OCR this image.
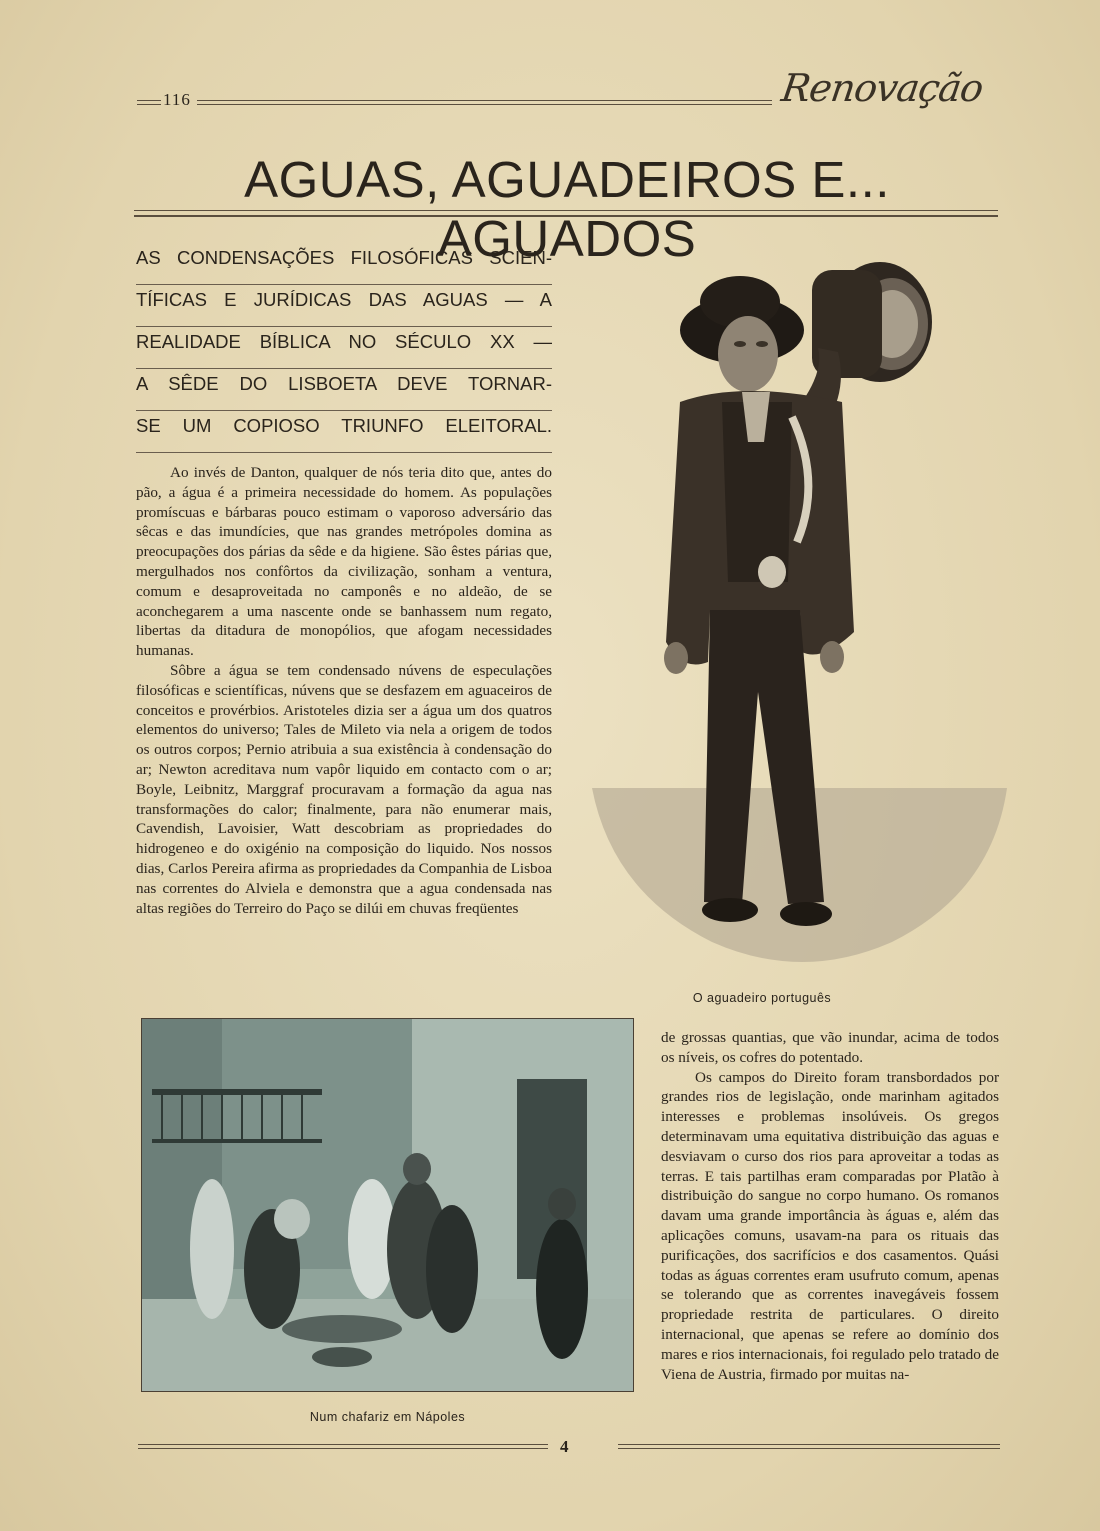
116	Renovação
AGUAS, AGUADEIROS E... AGUADOS
AS CONDENSAÇÕES FILOSÓFICAS SCIEN-
TÍFICAS E JURÍDICAS DAS AGUAS — A
REALIDADE BÍBLICA NO SÉCULO XX —
A SÊDE DO LISBOETA DEVE TORNAR-
SE UM COPIOSO TRIUNFO ELEITORAL.

Ao invés de Danton, qualquer de nós teria dito que, antes do pão, a água é a primeira necessidade do homem. As populações promíscuas e bárbaras pouco estimam o vaporoso adversário das sêcas e das imundícies, que nas grandes metrópoles domina as preocupações dos párias da sêde e da higiene. São êstes párias que, mergulhados nos confôrtos da civilização, sonham a ventura, comum e desaproveitada no camponês e no aldeão, de se aconchegarem a uma nascente onde se banhassem num regato, libertas da ditadura de monopólios, que afogam necessidades humanas.

Sôbre a água se tem condensado núvens de especulações filosóficas e scientíficas, núvens que se desfazem em aguaceiros de conceitos e provérbios. Aristoteles dizia ser a água um dos quatros elementos do universo; Tales de Mileto via nela a origem de todos os outros corpos; Pernio atribuia a sua existência à condensação do ar; Newton acreditava num vapôr liquido em contacto com o ar; Boyle, Leibnitz, Marggraf procuravam a formação da agua nas transformações do calor; finalmente, para não enumerar mais, Cavendish, Lavoisier, Watt descobriam as propriedades do hidrogeneo e do oxigénio na composição do liquido. Nos nossos dias, Carlos Pereira afirma as propriedades da Companhia de Lisboa nas correntes do Alviela e demonstra que a agua condensada nas altas regiões do Terreiro do Paço se dilúi em chuvas freqüentes

O aguadeiro português
Num chafariz em Nápoles

de grossas quantias, que vão inundar, acima de todos os níveis, os cofres do potentado.

Os campos do Direito foram transbordados por grandes rios de legislação, onde marinham agitados interesses e problemas insolúveis. Os gregos determinavam uma equitativa distribuição das aguas e desviavam o curso dos rios para aproveitar a todas as terras. E tais partilhas eram comparadas por Platão à distribuição do sangue no corpo humano. Os romanos davam uma grande importância às águas e, além das aplicações comuns, usavam-na para os rituais das purificações, dos sacrifícios e dos casamentos. Quási todas as águas correntes eram usufruto comum, apenas se tolerando que as correntes inavegáveis fossem propriedade restrita de particulares. O direito internacional, que apenas se refere ao domínio dos mares e rios internacionais, foi regulado pelo tratado de Viena de Austria, firmado por muitas na-

4
